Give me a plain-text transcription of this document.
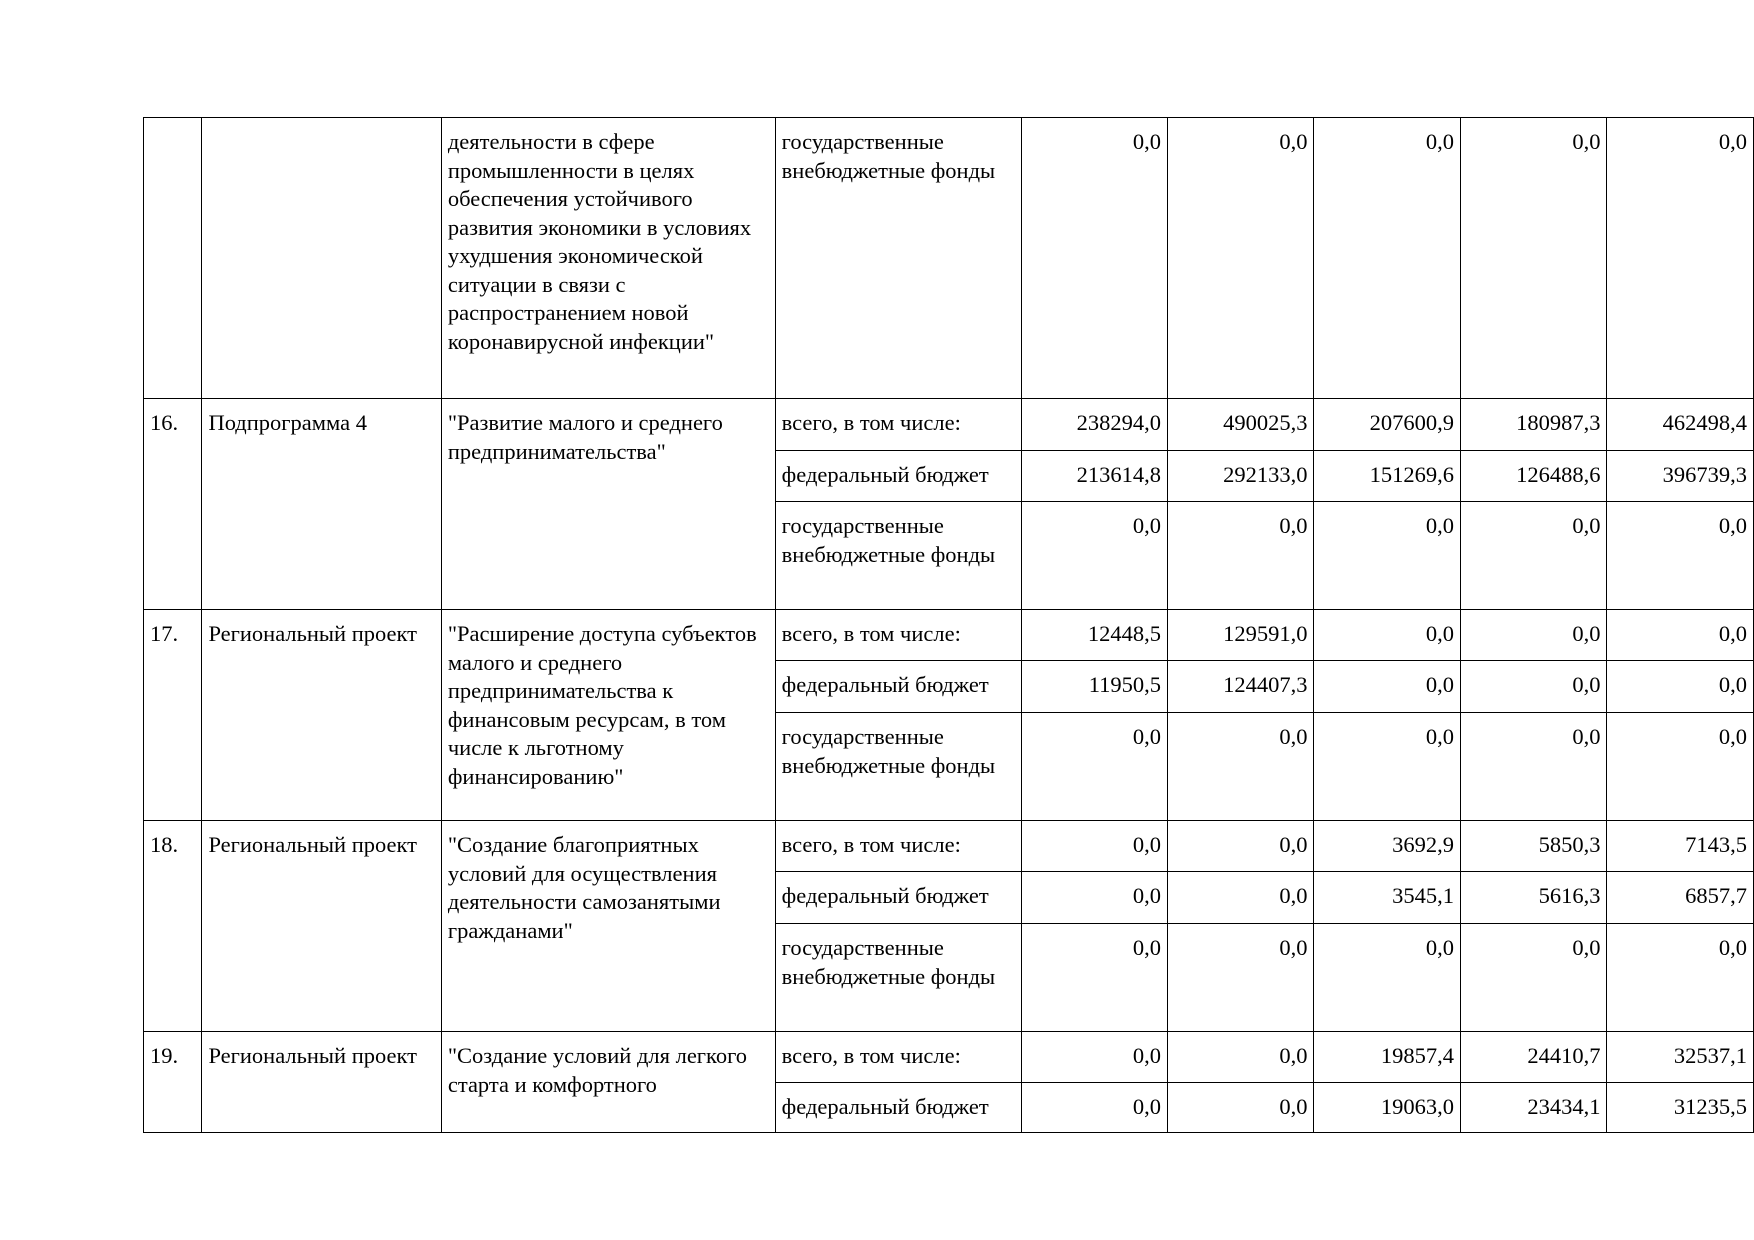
		деятельности в сфере промышленности в целях обеспечения устойчивого развития экономики в условиях ухудшения экономической ситуации в связи с распространением новой коронавирусной инфекции"	государственные внебюджетные фонды	0,0	0,0	0,0	0,0	0,0
16.	Подпрограмма 4	"Развитие малого и среднего предпринимательства"	всего, в том числе:	238294,0	490025,3	207600,9	180987,3	462498,4
			федеральный бюджет	213614,8	292133,0	151269,6	126488,6	396739,3
			государственные внебюджетные фонды	0,0	0,0	0,0	0,0	0,0
17.	Региональный проект	"Расширение доступа субъектов малого и среднего предпринимательства к финансовым ресурсам, в том числе к льготному финансированию"	всего, в том числе:	12448,5	129591,0	0,0	0,0	0,0
			федеральный бюджет	11950,5	124407,3	0,0	0,0	0,0
			государственные внебюджетные фонды	0,0	0,0	0,0	0,0	0,0
18.	Региональный проект	"Создание благоприятных условий для осуществления деятельности самозанятыми гражданами"	всего, в том числе:	0,0	0,0	3692,9	5850,3	7143,5
			федеральный бюджет	0,0	0,0	3545,1	5616,3	6857,7
			государственные внебюджетные фонды	0,0	0,0	0,0	0,0	0,0
19.	Региональный проект	"Создание условий для легкого старта и комфортного	всего, в том числе:	0,0	0,0	19857,4	24410,7	32537,1
			федеральный бюджет	0,0	0,0	19063,0	23434,1	31235,5
